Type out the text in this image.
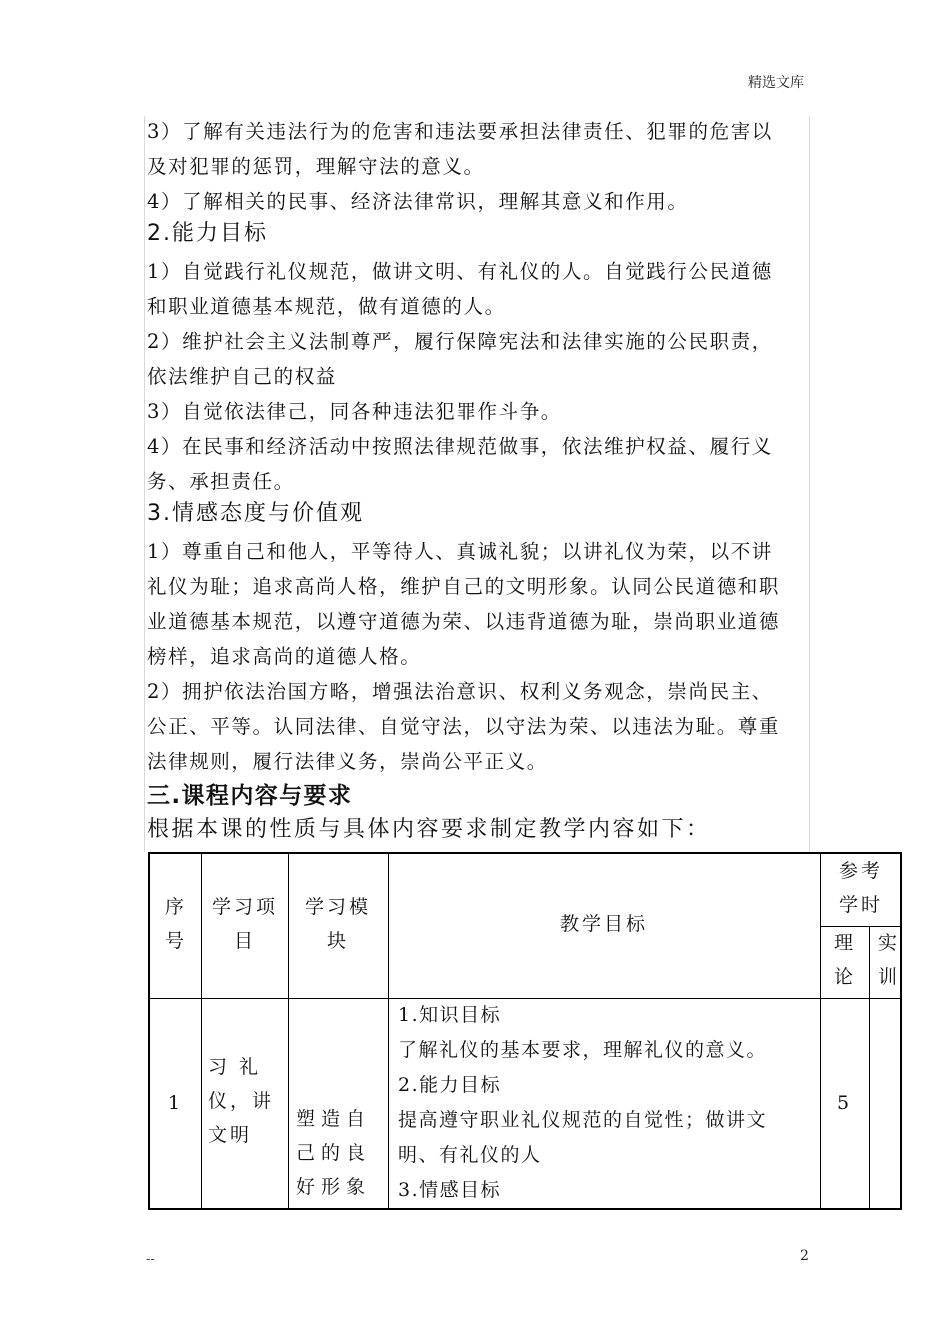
精选文库
3）了解有关违法行为的危害和违法要承担法律责任、犯罪的危害以
及对犯罪的惩罚，理解守法的意义。
4）了解相关的民事、经济法律常识，理解其意义和作用。
2.能力目标
1）自觉践行礼仪规范，做讲文明、有礼仪的人。自觉践行公民道德
和职业道德基本规范，做有道德的人。
2）维护社会主义法制尊严，履行保障宪法和法律实施的公民职责，
依法维护自己的权益
3）自觉依法律己，同各种违法犯罪作斗争。
4）在民事和经济活动中按照法律规范做事，依法维护权益、履行义
务、承担责任。
3.情感态度与价值观
1）尊重自己和他人，平等待人、真诚礼貌；以讲礼仪为荣，以不讲
礼仪为耻；追求高尚人格，维护自己的文明形象。认同公民道德和职
业道德基本规范，以遵守道德为荣、以违背道德为耻，崇尚职业道德
榜样，追求高尚的道德人格。
2）拥护依法治国方略，增强法治意识、权利义务观念，崇尚民主、
公正、平等。认同法律、自觉守法，以守法为荣、以违法为耻。尊重
法律规则，履行法律义务，崇尚公平正义。
三.课程内容与要求
根据本课的性质与具体内容要求制定教学内容如下：
序号
学习项目
学习模块
教学目标
参考学时
理论
实训
1
习 礼 仪，讲 文明
塑造自己的良好形象
5
1.知识目标
了解礼仪的基本要求，理解礼仪的意义。
2.能力目标
提高遵守职业礼仪规范的自觉性；做讲文
明、有礼仪的人
3.情感目标
--	2
